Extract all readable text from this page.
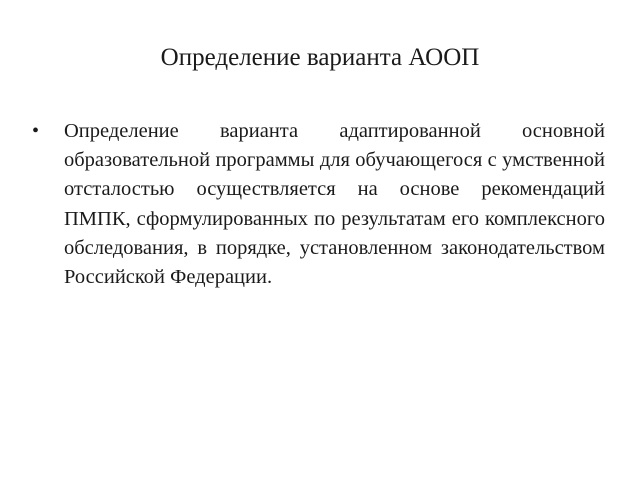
Определение варианта АООП
• Определение варианта адаптированной основной образовательной программы для обучающегося с умственной отсталостью осуществляется на основе рекомендаций ПМПК, сформулированных по результатам его комплексного обследования, в порядке, установленном законодательством Российской Федерации.
